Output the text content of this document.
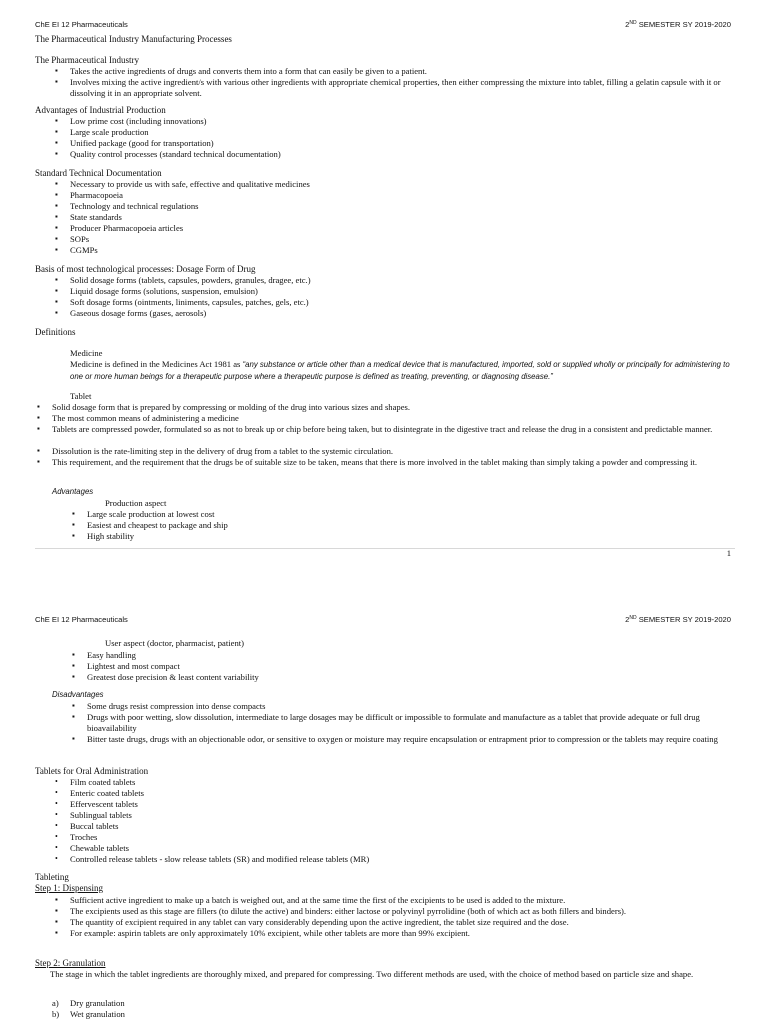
ChE EI 12 Pharmaceuticals	2ND SEMESTER SY 2019-2020
The Pharmaceutical Industry Manufacturing Processes
The Pharmaceutical Industry
▪ Takes the active ingredients of drugs and converts them into a form that can easily be given to a patient.
▪ Involves mixing the active ingredient/s with various other ingredients with appropriate chemical properties, then either compressing the mixture into tablet, filling a gelatin capsule with it or dissolving it in an appropriate solvent.
Advantages of Industrial Production
▪ Low prime cost (including innovations)
▪ Large scale production
▪ Unified package (good for transportation)
▪ Quality control processes (standard technical documentation)
Standard Technical Documentation
▪ Necessary to provide us with safe, effective and qualitative medicines
▪ Pharmacopoeia
▪ Technology and technical regulations
▪ State standards
▪ Producer Pharmacopoeia articles
▪ SOPs
▪ CGMPs
Basis of most technological processes: Dosage Form of Drug
▪ Solid dosage forms (tablets, capsules, powders, granules, dragee, etc.)
▪ Liquid dosage forms (solutions, suspension, emulsion)
▪ Soft dosage forms (ointments, liniments, capsules, patches, gels, etc.)
▪ Gaseous dosage forms (gases, aerosols)
Definitions
Medicine
Medicine is defined in the Medicines Act 1981 as “any substance or article other than a medical device that is manufactured, imported, sold or supplied wholly or principally for administering to one or more human beings for a therapeutic purpose where a therapeutic purpose is defined as treating, preventing, or diagnosing disease.”
Tablet
▪ Solid dosage form that is prepared by compressing or molding of the drug into various sizes and shapes.
▪ The most common means of administering a medicine
▪ Tablets are compressed powder, formulated so as not to break up or chip before being taken, but to disintegrate in the digestive tract and release the drug in a consistent and predictable manner.
▪ Dissolution is the rate-limiting step in the delivery of drug from a tablet to the systemic circulation.
▪ This requirement, and the requirement that the drugs be of suitable size to be taken, means that there is more involved in the tablet making than simply taking a powder and compressing it.
Advantages
Production aspect
▪ Large scale production at lowest cost
▪ Easiest and cheapest to package and ship
▪ High stability
1
ChE EI 12 Pharmaceuticals	2ND SEMESTER SY 2019-2020
User aspect (doctor, pharmacist, patient)
▪ Easy handling
▪ Lightest and most compact
▪ Greatest dose precision & least content variability
Disadvantages
▪ Some drugs resist compression into dense compacts
▪ Drugs with poor wetting, slow dissolution, intermediate to large dosages may be difficult or impossible to formulate and manufacture as a tablet that provide adequate or full drug bioavailability
▪ Bitter taste drugs, drugs with an objectionable odor, or sensitive to oxygen or moisture may require encapsulation or entrapment prior to compression or the tablets may require coating
Tablets for Oral Administration
• Film coated tablets
• Enteric coated tablets
• Effervescent tablets
• Sublingual tablets
• Buccal tablets
• Troches
• Chewable tablets
• Controlled release tablets - slow release tablets (SR) and modified release tablets (MR)
Tableting
Step 1: Dispensing
▪ Sufficient active ingredient to make up a batch is weighed out, and at the same time the first of the excipients to be used is added to the mixture.
▪ The excipients used as this stage are fillers (to dilute the active) and binders: either lactose or polyvinyl pyrrolidine (both of which act as both fillers and binders).
▪ The quantity of excipient required in any tablet can vary considerably depending upon the active ingredient, the tablet size required and the dose.
▪ For example: aspirin tablets are only approximately 10% excipient, while other tablets are more than 99% excipient.
Step 2: Granulation
The stage in which the tablet ingredients are thoroughly mixed, and prepared for compressing. Two different methods are used, with the choice of method based on particle size and shape.
a) Dry granulation
b) Wet granulation
